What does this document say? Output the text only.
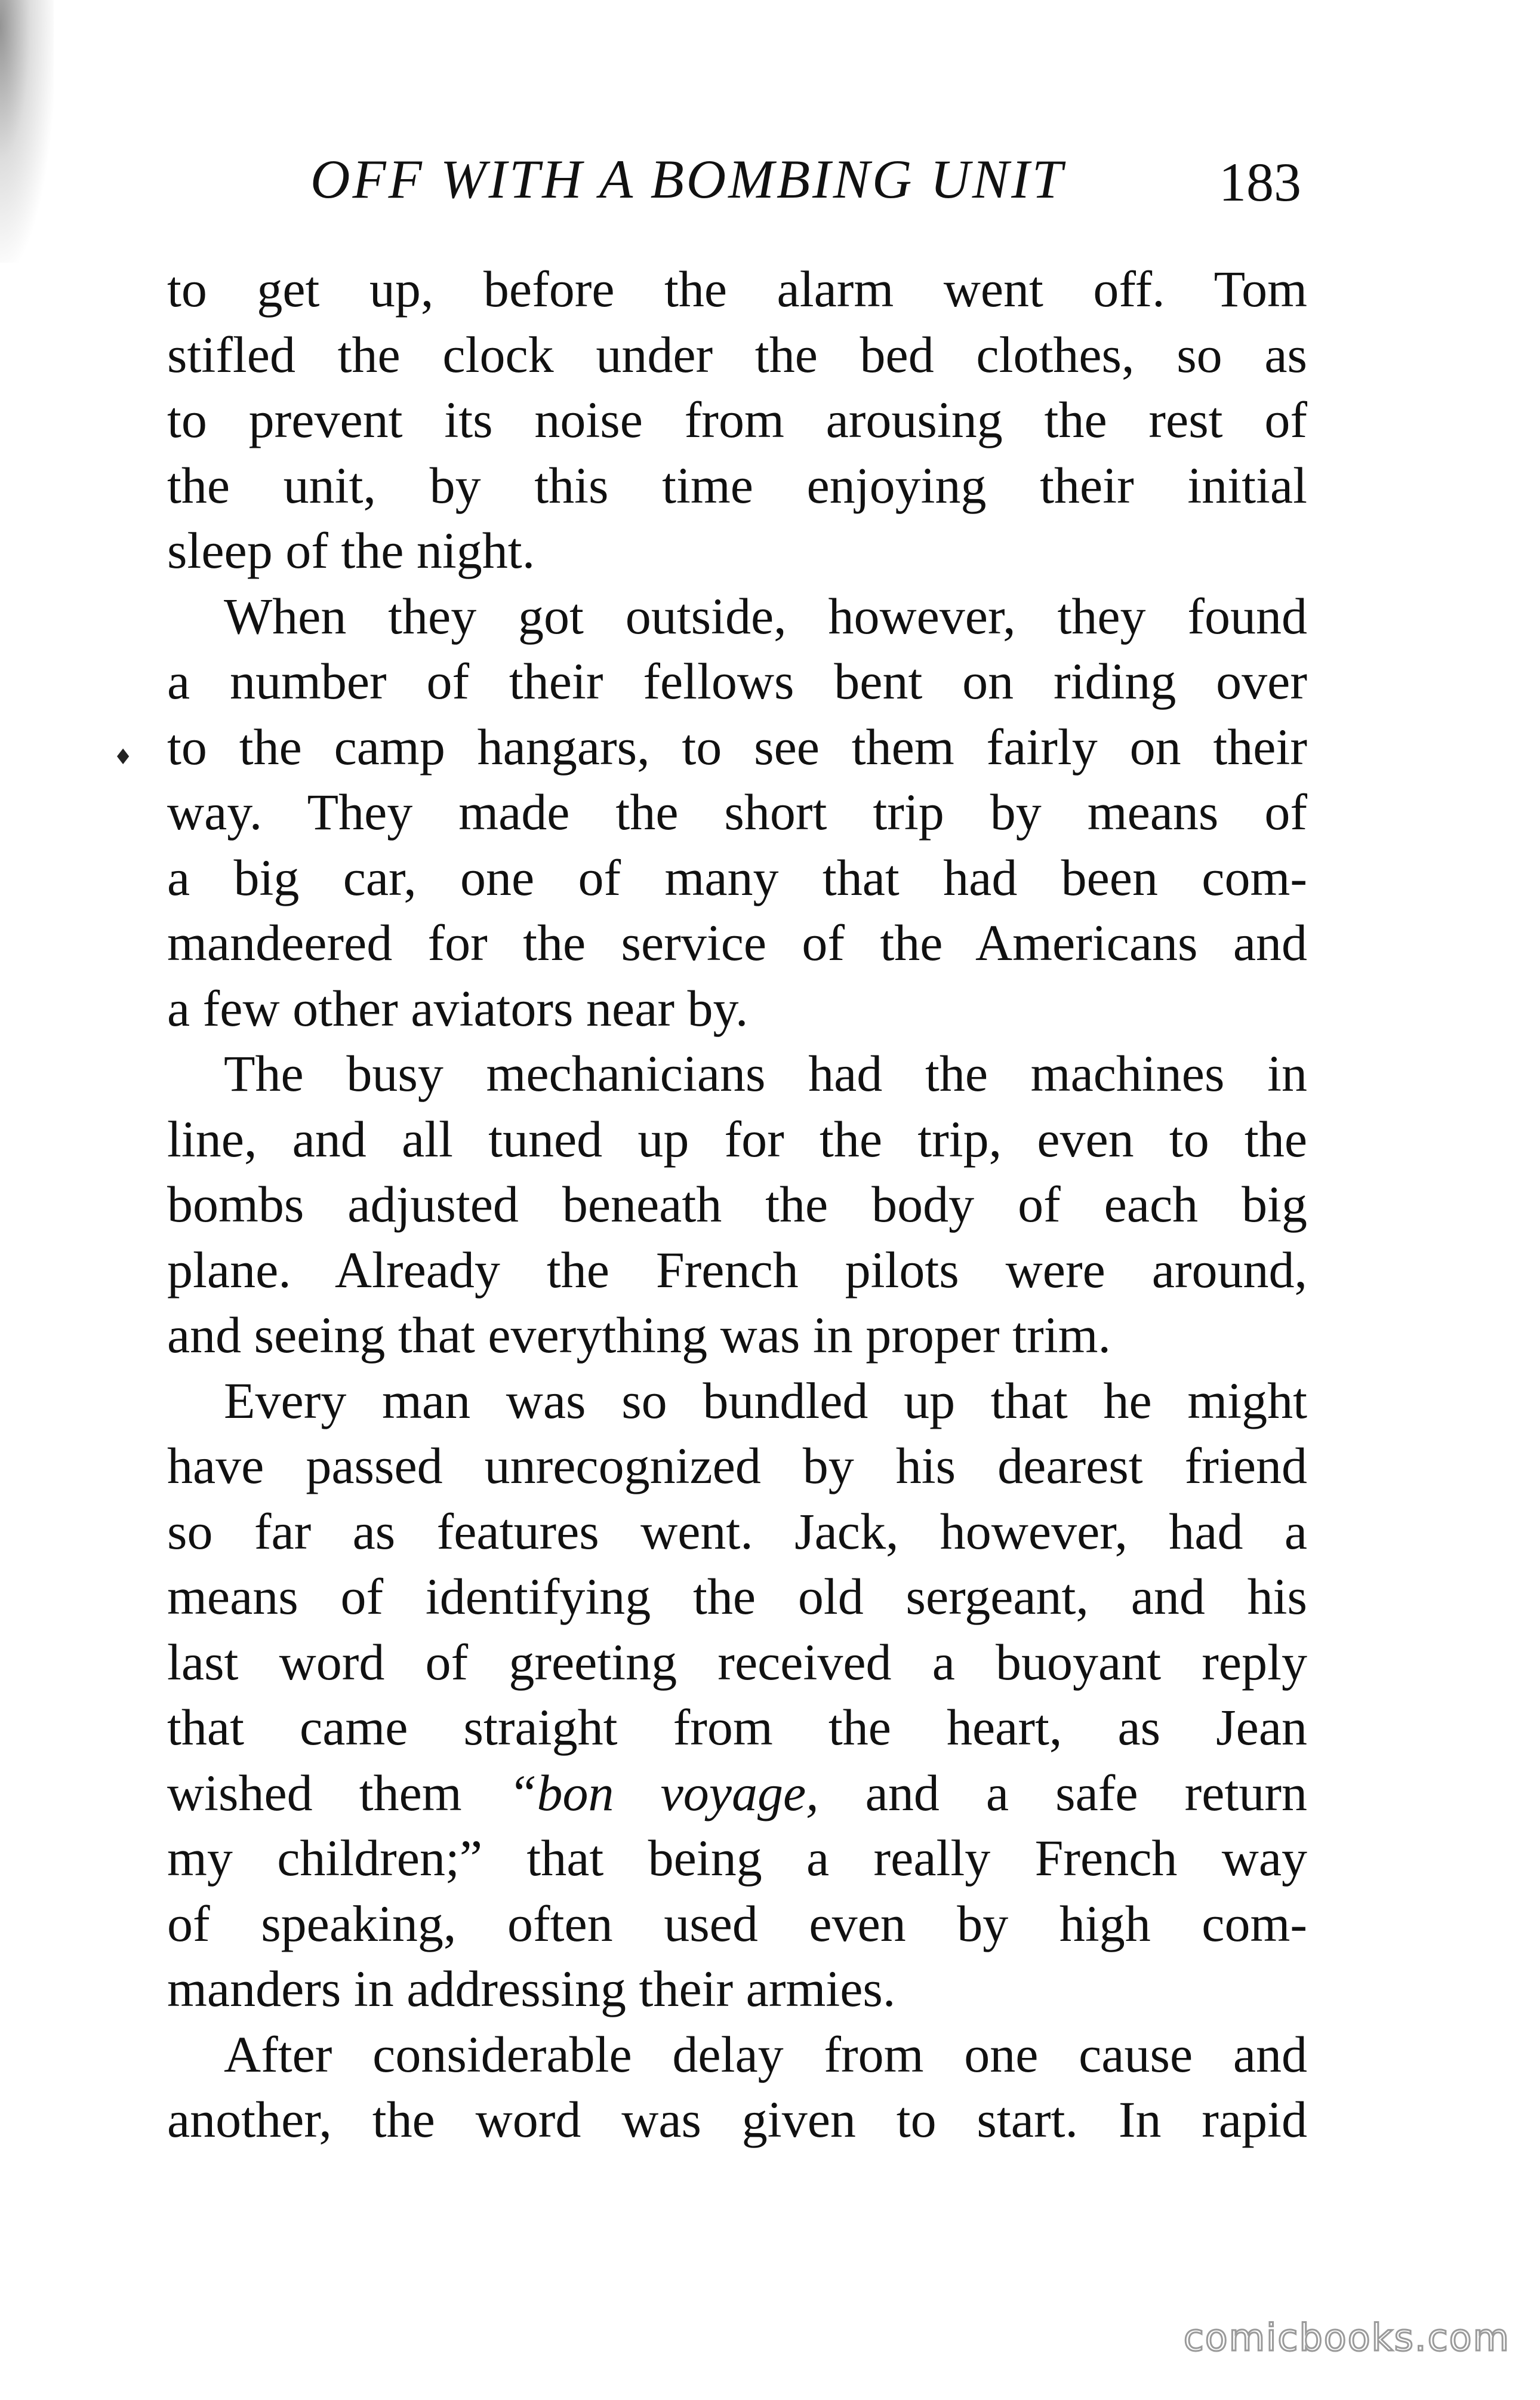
OFF WITH A BOMBING UNIT	183
♦
to get up, before the alarm went off. Tom
stifled the clock under the bed clothes, so as
to prevent its noise from arousing the rest of
the unit, by this time enjoying their initial
sleep of the night.
When they got outside, however, they found
a number of their fellows bent on riding over
to the camp hangars, to see them fairly on their
way. They made the short trip by means of
a big car, one of many that had been com-
mandeered for the service of the Americans and
a few other aviators near by.
The busy mechanicians had the machines in
line, and all tuned up for the trip, even to the
bombs adjusted beneath the body of each big
plane. Already the French pilots were around,
and seeing that everything was in proper trim.
Every man was so bundled up that he might
have passed unrecognized by his dearest friend
so far as features went. Jack, however, had a
means of identifying the old sergeant, and his
last word of greeting received a buoyant reply
that came straight from the heart, as Jean
wished them “bon voyage, and a safe return
my children;” that being a really French way
of speaking, often used even by high com-
manders in addressing their armies.
After considerable delay from one cause and
another, the word was given to start. In rapid
comicbooks.com
